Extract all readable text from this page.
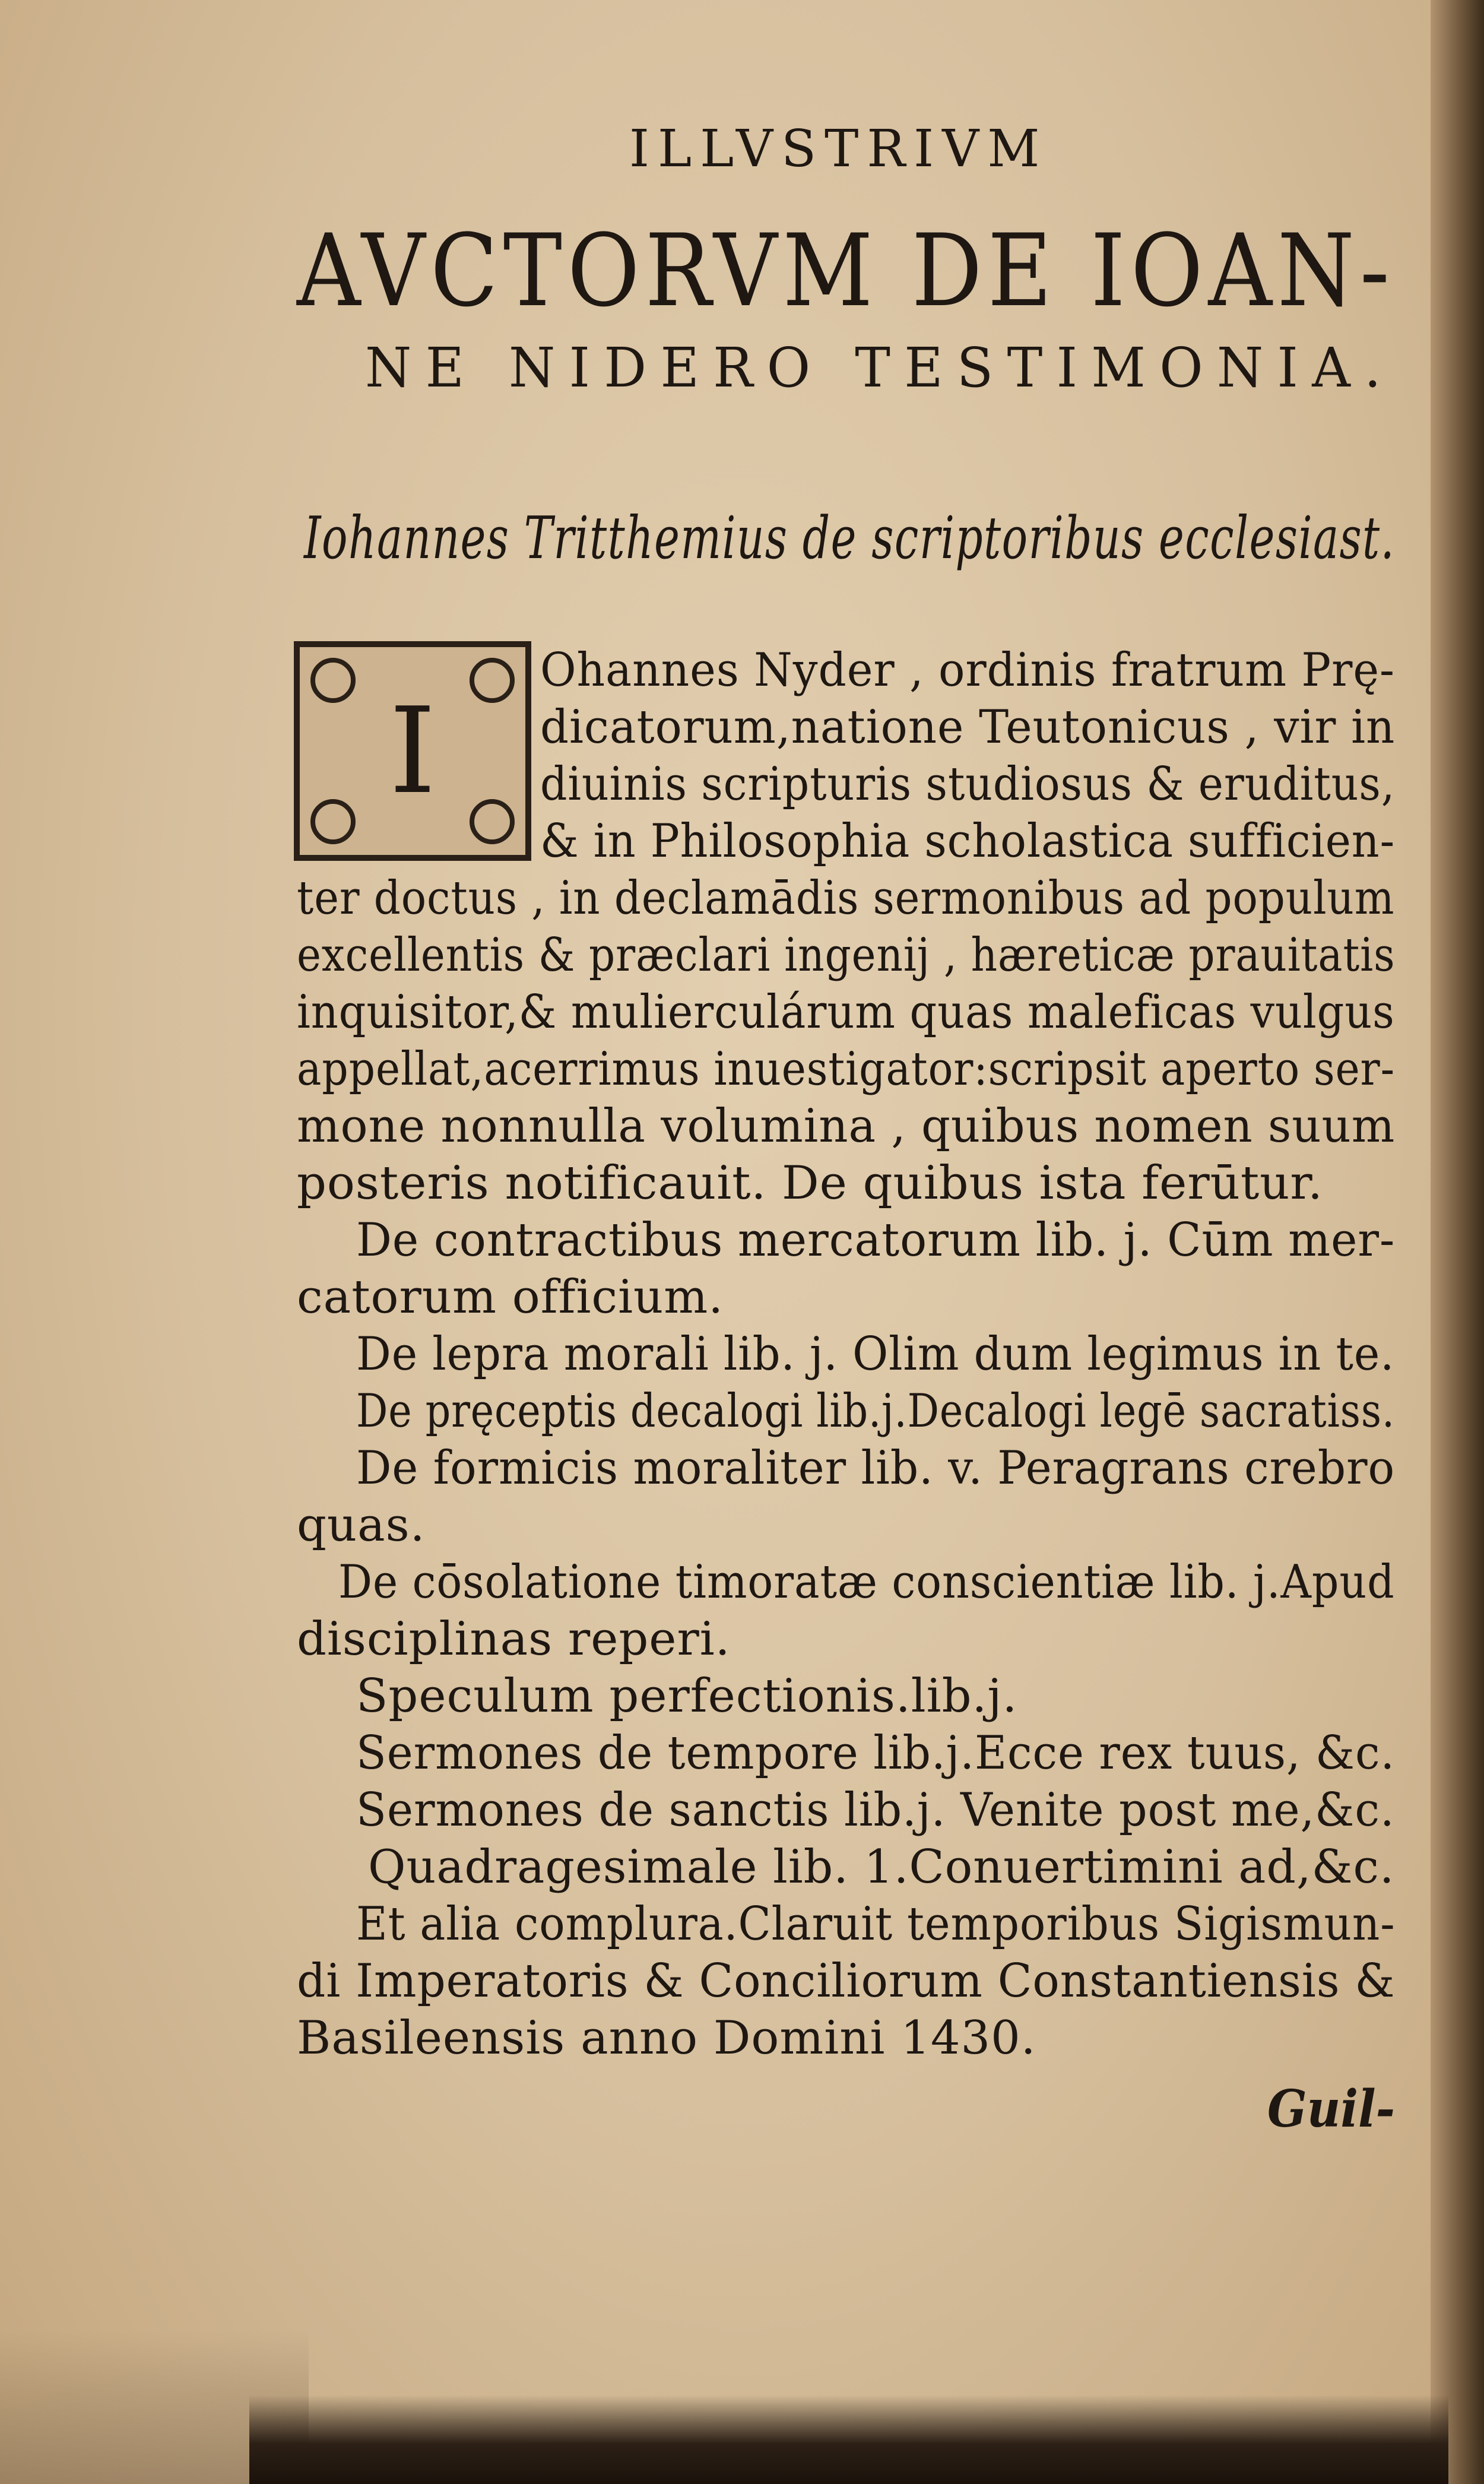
ILLVSTRIVM
AVCTORVM DE IOAN-
NE NIDERO TESTIMONIA.
Iohannes Tritthemius de scriptoribus ecclesiast.
I
Ohannes Nyder , ordinis fratrum Prę-
dicatorum,natione Teutonicus , vir in
diuinis scripturis studiosus & eruditus,
& in Philosophia scholastica sufficien-
ter doctus , in declamādis sermonibus ad populum
excellentis & præclari ingenij , hæreticæ prauitatis
inquisitor,& mulierculárum quas maleficas vulgus
appellat,acerrimus inuestigator:scripsit aperto ser-
mone nonnulla volumina , quibus nomen suum
posteris notificauit. De quibus ista ferūtur.
De contractibus mercatorum lib. j. Cūm mer-
catorum officium.
De lepra morali lib. j. Olim dum legimus in te.
De pręceptis decalogi lib.j.Decalogi legē sacratiss.
De formicis moraliter lib. v. Peragrans crebro
quas.
De cōsolatione timoratæ conscientiæ lib. j.Apud
disciplinas reperi.
Speculum perfectionis.lib.j.
Sermones de tempore lib.j.Ecce rex tuus, &c.
Sermones de sanctis lib.j. Venite post me,&c.
Quadragesimale lib. 1.Conuertimini ad,&c.
Et alia complura.Claruit temporibus Sigismun-
di Imperatoris & Conciliorum Constantiensis &
Basileensis anno Domini 1430.
Guil-
